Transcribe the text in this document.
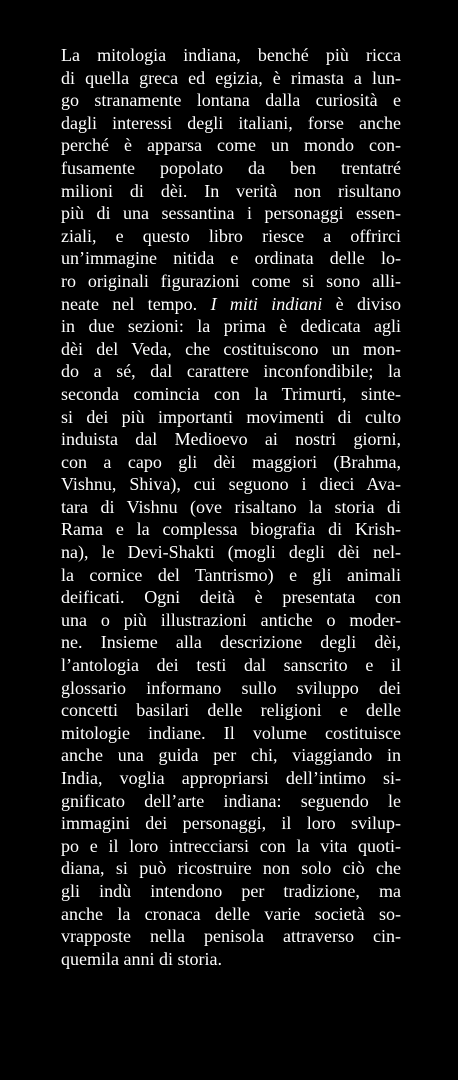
La mitologia indiana, benché più ricca
di quella greca ed egizia, è rimasta a lun-
go stranamente lontana dalla curiosità e
dagli interessi degli italiani, forse anche
perché è apparsa come un mondo con-
fusamente popolato da ben trentatré
milioni di dèi. In verità non risultano
più di una sessantina i personaggi essen-
ziali, e questo libro riesce a offrirci
un’immagine nitida e ordinata delle lo-
ro originali figurazioni come si sono alli-
neate nel tempo. I miti indiani è diviso
in due sezioni: la prima è dedicata agli
dèi del Veda, che costituiscono un mon-
do a sé, dal carattere inconfondibile; la
seconda comincia con la Trimurti, sinte-
si dei più importanti movimenti di culto
induista dal Medioevo ai nostri giorni,
con a capo gli dèi maggiori (Brahma,
Vishnu, Shiva), cui seguono i dieci Ava-
tara di Vishnu (ove risaltano la storia di
Rama e la complessa biografia di Krish-
na), le Devi-Shakti (mogli degli dèi nel-
la cornice del Tantrismo) e gli animali
deificati. Ogni deità è presentata con
una o più illustrazioni antiche o moder-
ne. Insieme alla descrizione degli dèi,
l’antologia dei testi dal sanscrito e il
glossario informano sullo sviluppo dei
concetti basilari delle religioni e delle
mitologie indiane. Il volume costituisce
anche una guida per chi, viaggiando in
India, voglia appropriarsi dell’intimo si-
gnificato dell’arte indiana: seguendo le
immagini dei personaggi, il loro svilup-
po e il loro intrecciarsi con la vita quoti-
diana, si può ricostruire non solo ciò che
gli indù intendono per tradizione, ma
anche la cronaca delle varie società so-
vrapposte nella penisola attraverso cin-
quemila anni di storia.
